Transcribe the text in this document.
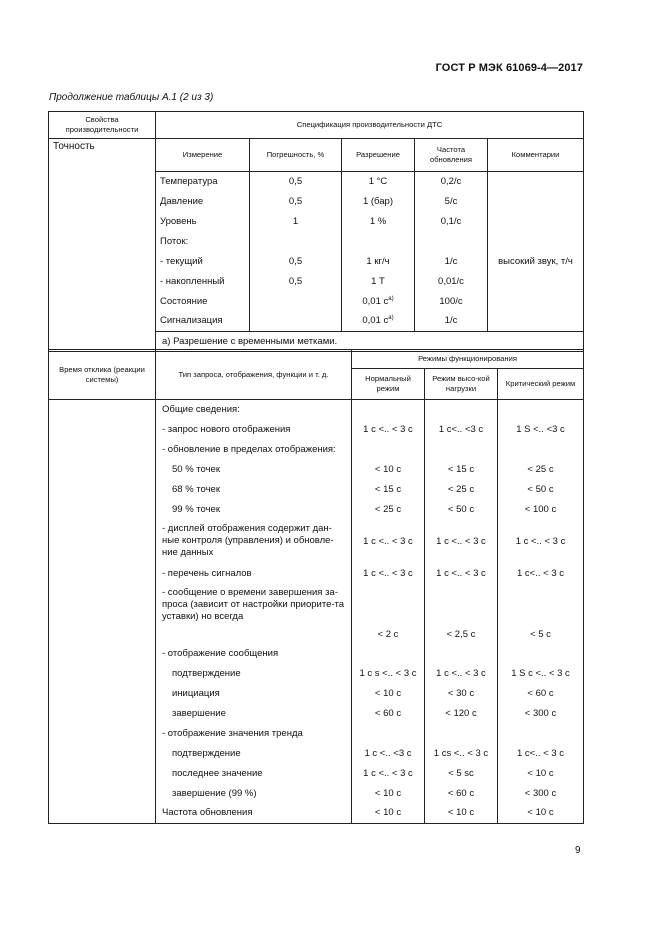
ГОСТ Р МЭК 61069-4—2017
Продолжение таблицы А.1 (2 из 3)
Свойства производительности	Спецификация производительности ДТС				
Точность	Измерение	Погрешность, %	Разрешение	Частота обновления	Комментарии
	Температура	0,5	1 °C	0,2/c	
	Давление	0,5	1 (бар)	5/c	
	Уровень	1	1 %	0,1/c	
	Поток:				
	- текущий	0,5	1 кг/ч	1/c	высокий звук, т/ч
	- накопленный	0,5	1 Т	0,01/c	
	Состояние		0,01 $c^{a)}$	100/c	
	Сигнализация		0,01 $c^{a)}$	1/c	
	а) Разрешение с временными метками.				
Время отклика (реакции системы)	Тип запроса, отображения, функции и т. д.	Режимы функционирования		
		Нормальный режим	Режим высо-кой нагрузки	Критический режим
	Общие сведения:			
	- запрос нового отображения	1 с <.. < 3 с	1 с<.. <3 с	1 S <.. <3 с
	- обновление в пределах отображения:			
	50 % точек	< 10 с	< 15 с	< 25 с
	68 % точек	< 15 с	< 25 с	< 50 с
	99 % точек	< 25 с	< 50 с	< 100 с
	- дисплей отображения содержит дан-ные контроля (управления) и обновле-ние данных	1 с <.. < 3 с	1 с <.. < 3 с	1 с <.. < 3 с
	- перечень сигналов	1 с <.. < 3 с	1 с <.. < 3 с	1 с<.. < 3 с
	- сообщение о времени завершения за-проса (зависит от настройки приорите-та уставки) но всегда	< 2 с	< 2,5 с	< 5 с
	- отображение сообщения			
	подтверждение	1 с s <.. < 3 с	1 с <.. < 3 с	1 S с <.. < 3 с
	инициация	< 10 с	< 30 с	< 60 с
	завершение	< 60 с	< 120 с	< 300 с
	- отображение значения тренда			
	подтверждение	1 с <.. <3 с	1 сs <.. < 3 с	1 с<.. < 3 с
	последнее значение	1 с <.. < 3 с	< 5 sc	< 10 с
	завершение (99 %)	< 10 с	< 60 с	< 300 с
	Частота обновления	< 10 с	< 10 с	< 10 с
9
